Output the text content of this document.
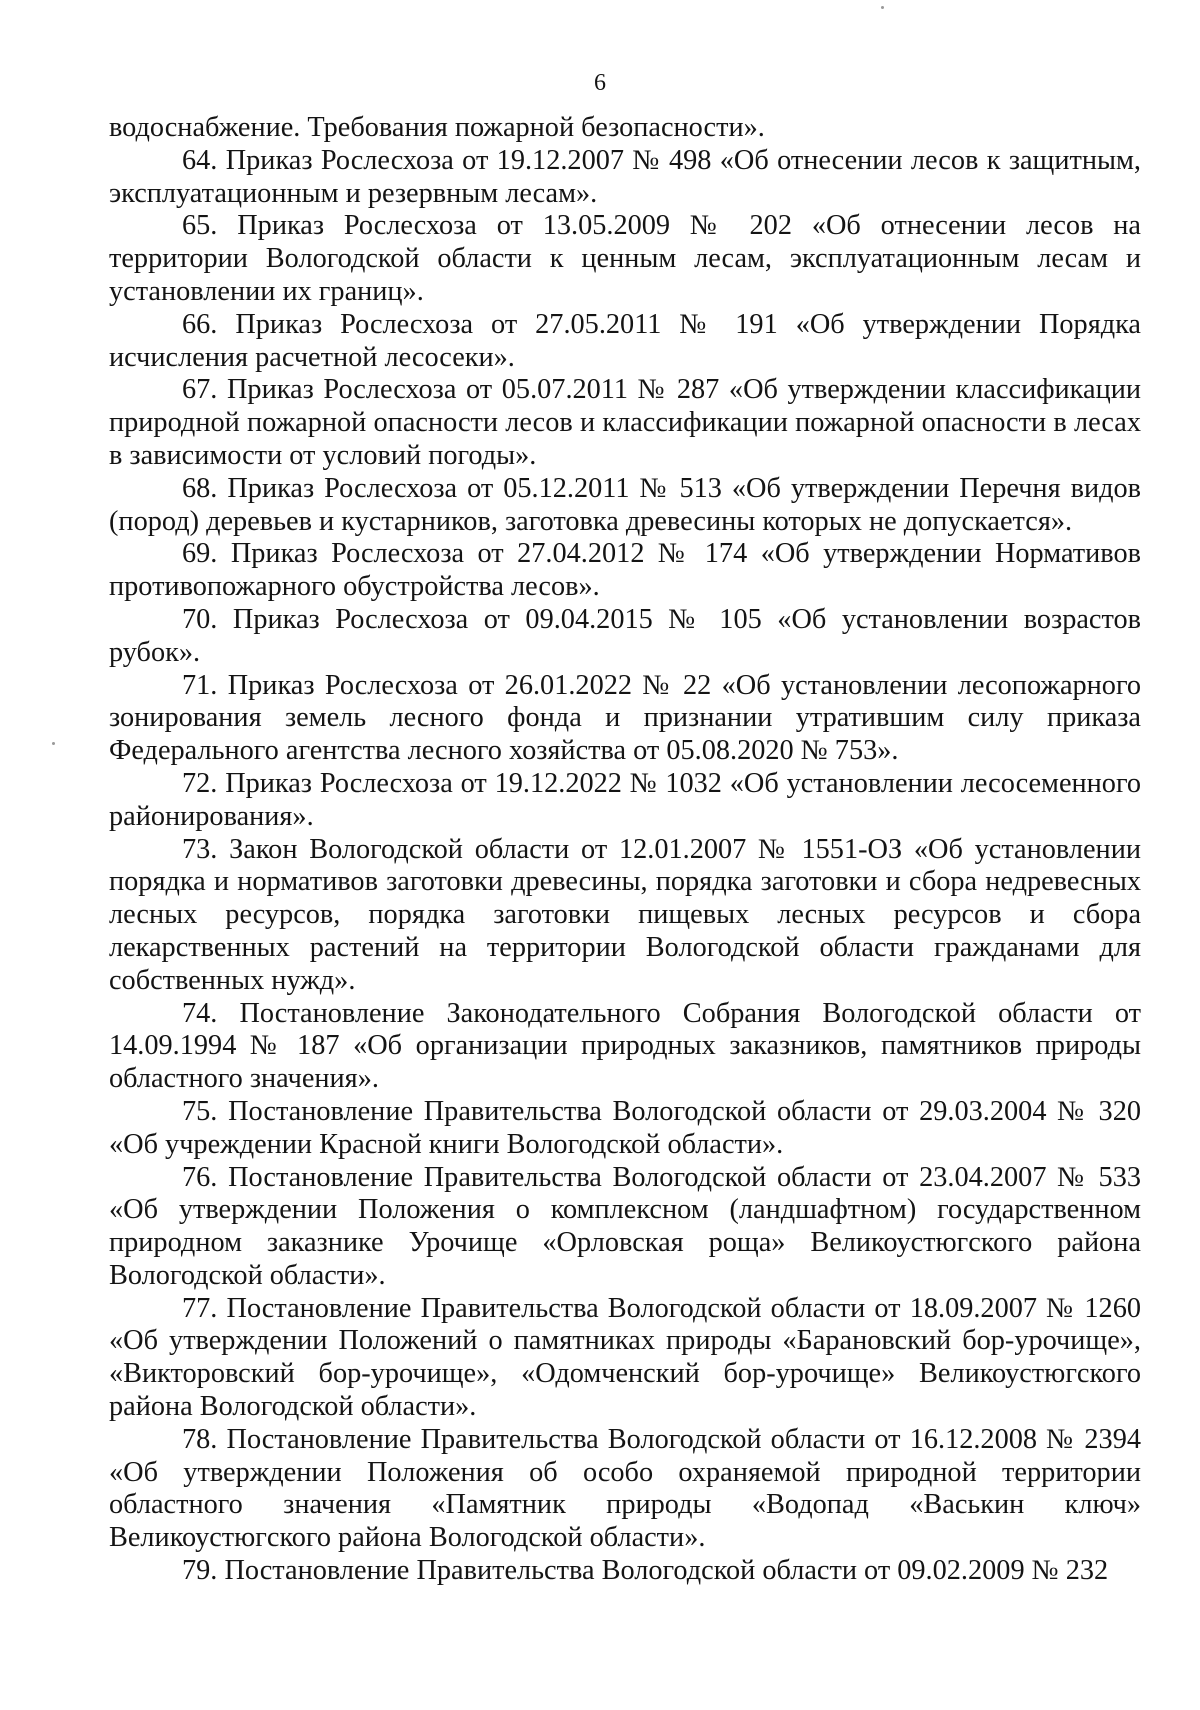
6

водоснабжение. Требования пожарной безопасности».

64. Приказ Рослесхоза от 19.12.2007 № 498 «Об отнесении лесов к защитным, эксплуатационным и резервным лесам».

65. Приказ Рослесхоза от 13.05.2009 № 202 «Об отнесении лесов на территории Вологодской области к ценным лесам, эксплуатационным лесам и установлении их границ».

66. Приказ Рослесхоза от 27.05.2011 № 191 «Об утверждении Порядка исчисления расчетной лесосеки».

67. Приказ Рослесхоза от 05.07.2011 № 287 «Об утверждении классификации природной пожарной опасности лесов и классификации пожарной опасности в лесах в зависимости от условий погоды».

68. Приказ Рослесхоза от 05.12.2011 № 513 «Об утверждении Перечня видов (пород) деревьев и кустарников, заготовка древесины которых не допускается».

69. Приказ Рослесхоза от 27.04.2012 № 174 «Об утверждении Нормативов противопожарного обустройства лесов».

70. Приказ Рослесхоза от 09.04.2015 № 105 «Об установлении возрастов рубок».

71. Приказ Рослесхоза от 26.01.2022 № 22 «Об установлении лесопожарного зонирования земель лесного фонда и признании утратившим силу приказа Федерального агентства лесного хозяйства от 05.08.2020 № 753».

72. Приказ Рослесхоза от 19.12.2022 № 1032 «Об установлении лесосеменного районирования».

73. Закон Вологодской области от 12.01.2007 № 1551-ОЗ «Об установлении порядка и нормативов заготовки древесины, порядка заготовки и сбора недревесных лесных ресурсов, порядка заготовки пищевых лесных ресурсов и сбора лекарственных растений на территории Вологодской области гражданами для собственных нужд».

74. Постановление Законодательного Собрания Вологодской области от 14.09.1994 № 187 «Об организации природных заказников, памятников природы областного значения».

75. Постановление Правительства Вологодской области от 29.03.2004 № 320 «Об учреждении Красной книги Вологодской области».

76. Постановление Правительства Вологодской области от 23.04.2007 № 533 «Об утверждении Положения о комплексном (ландшафтном) государственном природном заказнике Урочище «Орловская роща» Великоустюгского района Вологодской области».

77. Постановление Правительства Вологодской области от 18.09.2007 № 1260 «Об утверждении Положений о памятниках природы «Барановский бор-урочище», «Викторовский бор-урочище», «Одомченский бор-урочище» Великоустюгского района Вологодской области».

78. Постановление Правительства Вологодской области от 16.12.2008 № 2394 «Об утверждении Положения об особо охраняемой природной территории областного значения «Памятник природы «Водопад «Васькин ключ» Великоустюгского района Вологодской области».

79. Постановление Правительства Вологодской области от 09.02.2009 № 232
